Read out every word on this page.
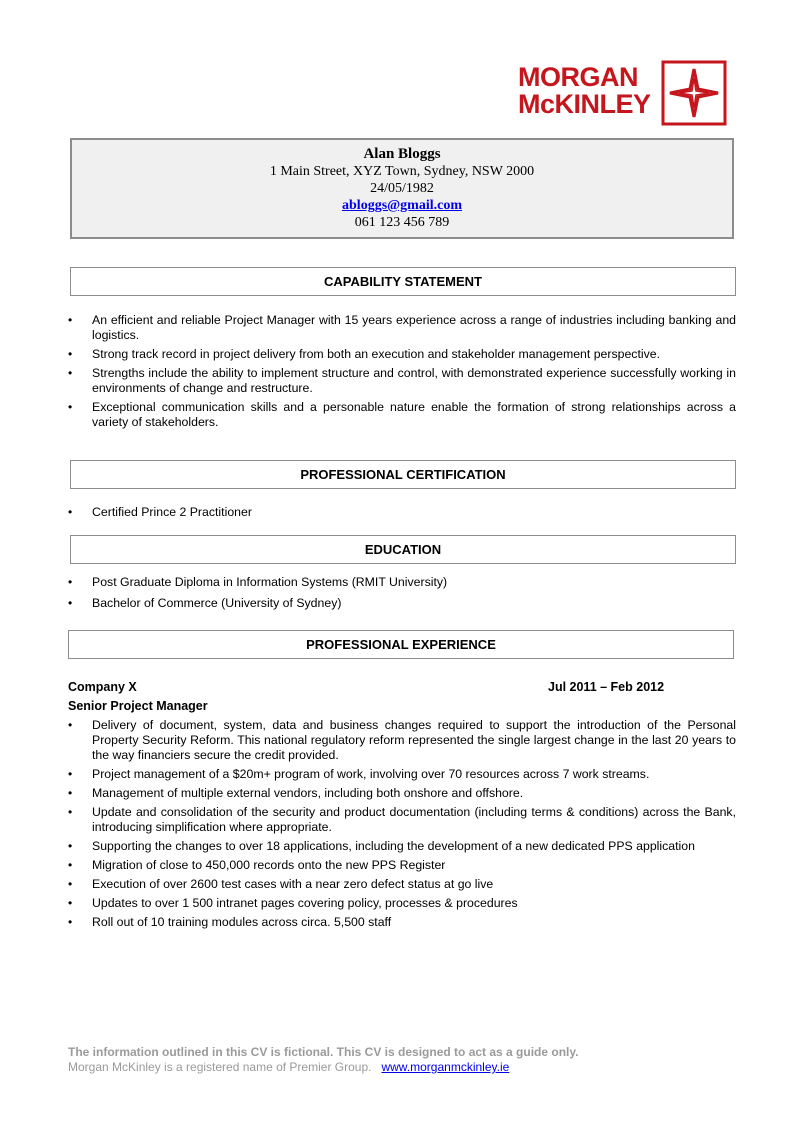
MORGAN
McKINLEY
Alan Bloggs
1 Main Street, XYZ Town, Sydney, NSW 2000
24/05/1982
abloggs@gmail.com
061 123 456 789
CAPABILITY STATEMENT
• An efficient and reliable Project Manager with 15 years experience across a range of industries including banking and logistics.
• Strong track record in project delivery from both an execution and stakeholder management perspective.
• Strengths include the ability to implement structure and control, with demonstrated experience successfully working in environments of change and restructure.
• Exceptional communication skills and a personable nature enable the formation of strong relationships across a variety of stakeholders.
PROFESSIONAL CERTIFICATION
• Certified Prince 2 Practitioner
EDUCATION
• Post Graduate Diploma in Information Systems (RMIT University)
• Bachelor of Commerce (University of Sydney)
PROFESSIONAL EXPERIENCE
Company X	Jul 2011 – Feb 2012
Senior Project Manager
• Delivery of document, system, data and business changes required to support the introduction of the Personal Property Security Reform. This national regulatory reform represented the single largest change in the last 20 years to the way financiers secure the credit provided.
• Project management of a $20m+ program of work, involving over 70 resources across 7 work streams.
• Management of multiple external vendors, including both onshore and offshore.
• Update and consolidation of the security and product documentation (including terms & conditions) across the Bank, introducing simplification where appropriate.
• Supporting the changes to over 18 applications, including the development of a new dedicated PPS application
• Migration of close to 450,000 records onto the new PPS Register
• Execution of over 2600 test cases with a near zero defect status at go live
• Updates to over 1 500 intranet pages covering policy, processes & procedures
• Roll out of 10 training modules across circa. 5,500 staff
The information outlined in this CV is fictional. This CV is designed to act as a guide only.
Morgan McKinley is a registered name of Premier Group. www.morganmckinley.ie
